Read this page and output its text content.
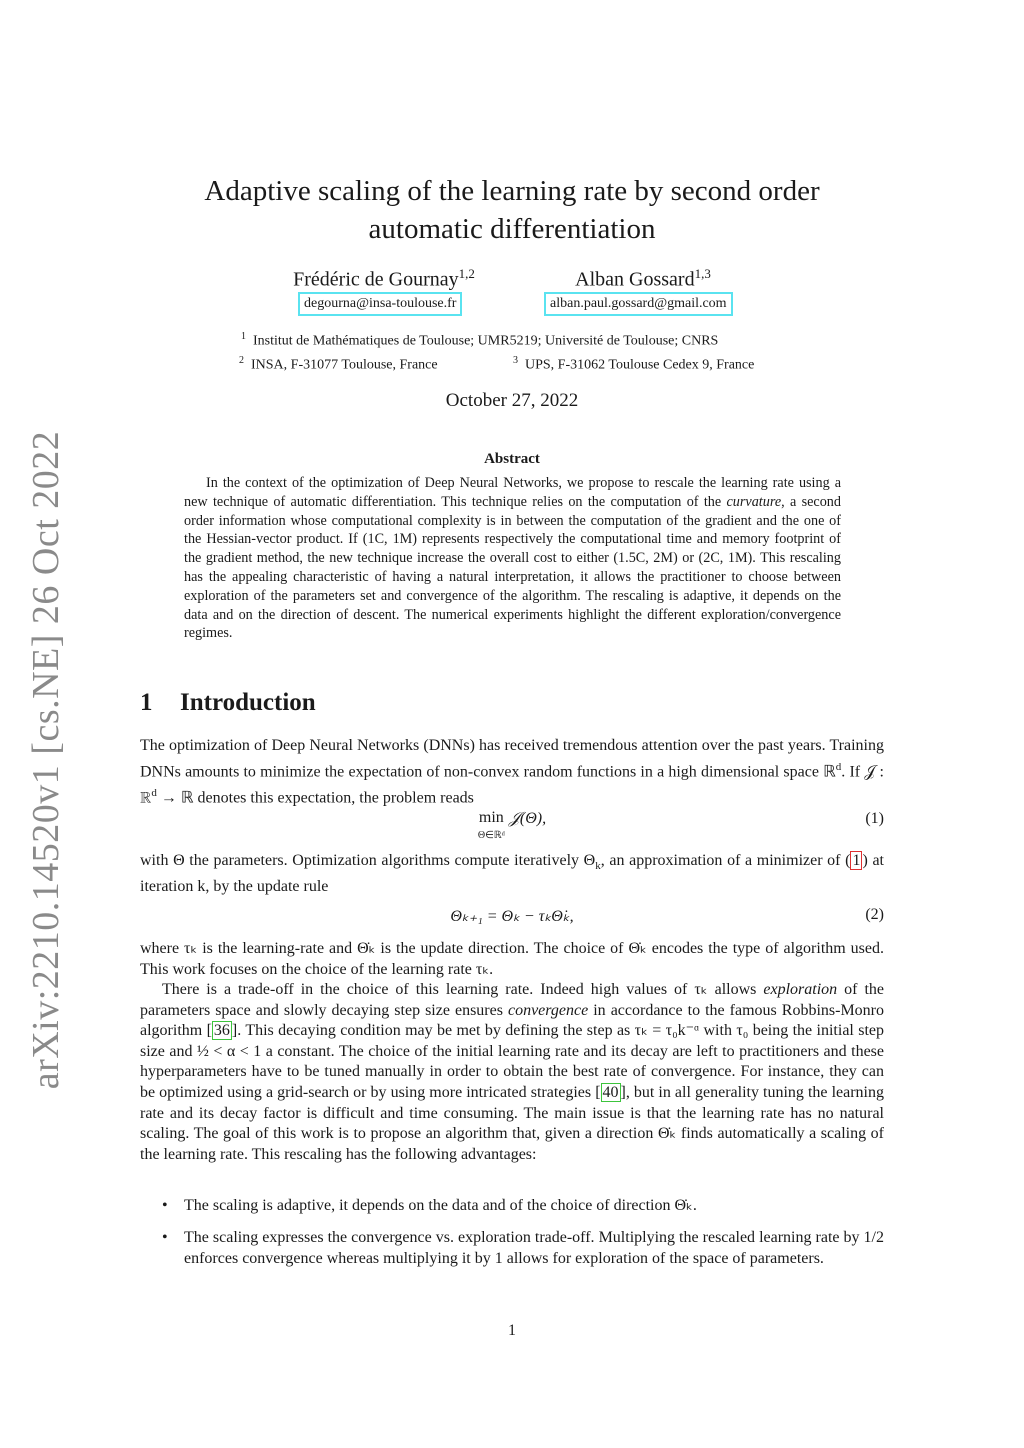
arXiv:2210.14520v1 [cs.NE] 26 Oct 2022
Adaptive scaling of the learning rate by second order
automatic differentiation
Frédéric de Gournay$^{1,2}$
degourna@insa-toulouse.fr
Alban Gossard$^{1,3}$
alban.paul.gossard@gmail.com
$^1$ Institut de Mathématiques de Toulouse; UMR5219; Université de Toulouse; CNRS
$^2$ INSA, F-31077 Toulouse, France	$^3$ UPS, F-31062 Toulouse Cedex 9, France
October 27, 2022
Abstract
In the context of the optimization of Deep Neural Networks, we propose to rescale the learning rate using a new technique of automatic differentiation. This technique relies on the computation of the curvature, a second order information whose computational complexity is in between the computation of the gradient and the one of the Hessian-vector product. If (1C, 1M) represents respectively the computational time and memory footprint of the gradient method, the new technique increase the overall cost to either (1.5C, 2M) or (2C, 1M). This rescaling has the appealing characteristic of having a natural interpretation, it allows the practitioner to choose between exploration of the parameters set and convergence of the algorithm. The rescaling is adaptive, it depends on the data and on the direction of descent. The numerical experiments highlight the different exploration/convergence regimes.
1 Introduction
The optimization of Deep Neural Networks (DNNs) has received tremendous attention over the past years. Training DNNs amounts to minimize the expectation of non-convex random functions in a high dimensional space ℝ$^d$. If 𝒥 : ℝ$^d$ → ℝ denotes this expectation, the problem reads
min
Θ∈ℝᵈ 𝒥(Θ),	(1)
with Θ the parameters. Optimization algorithms compute iteratively $\Theta_k$, an approximation of a minimizer of ( 1 ) at iteration k, by the update rule
Θₖ₊₁ = Θₖ − τₖΘ̇ₖ,	(2)
where τₖ is the learning-rate and Θ̇ₖ is the update direction. The choice of Θ̇ₖ encodes the type of algorithm used. This work focuses on the choice of the learning rate τₖ.
There is a trade-off in the choice of this learning rate. Indeed high values of τₖ allows exploration of the parameters space and slowly decaying step size ensures convergence in accordance to the famous Robbins-Monro algorithm [ 36 ]. This decaying condition may be met by defining the step as τₖ = τ₀k⁻ᵅ with τ₀ being the initial step size and ½ < α < 1 a constant. The choice of the initial learning rate and its decay are left to practitioners and these hyperparameters have to be tuned manually in order to obtain the best rate of convergence. For instance, they can be optimized using a grid-search or by using more intricated strategies [ 40 ], but in all generality tuning the learning rate and its decay factor is difficult and time consuming. The main issue is that the learning rate has no natural scaling. The goal of this work is to propose an algorithm that, given a direction Θ̇ₖ finds automatically a scaling of the learning rate. This rescaling has the following advantages:
• The scaling is adaptive, it depends on the data and of the choice of direction Θ̇ₖ.
• The scaling expresses the convergence vs. exploration trade-off. Multiplying the rescaled learning rate by 1/2 enforces convergence whereas multiplying it by 1 allows for exploration of the space of parameters.
1
